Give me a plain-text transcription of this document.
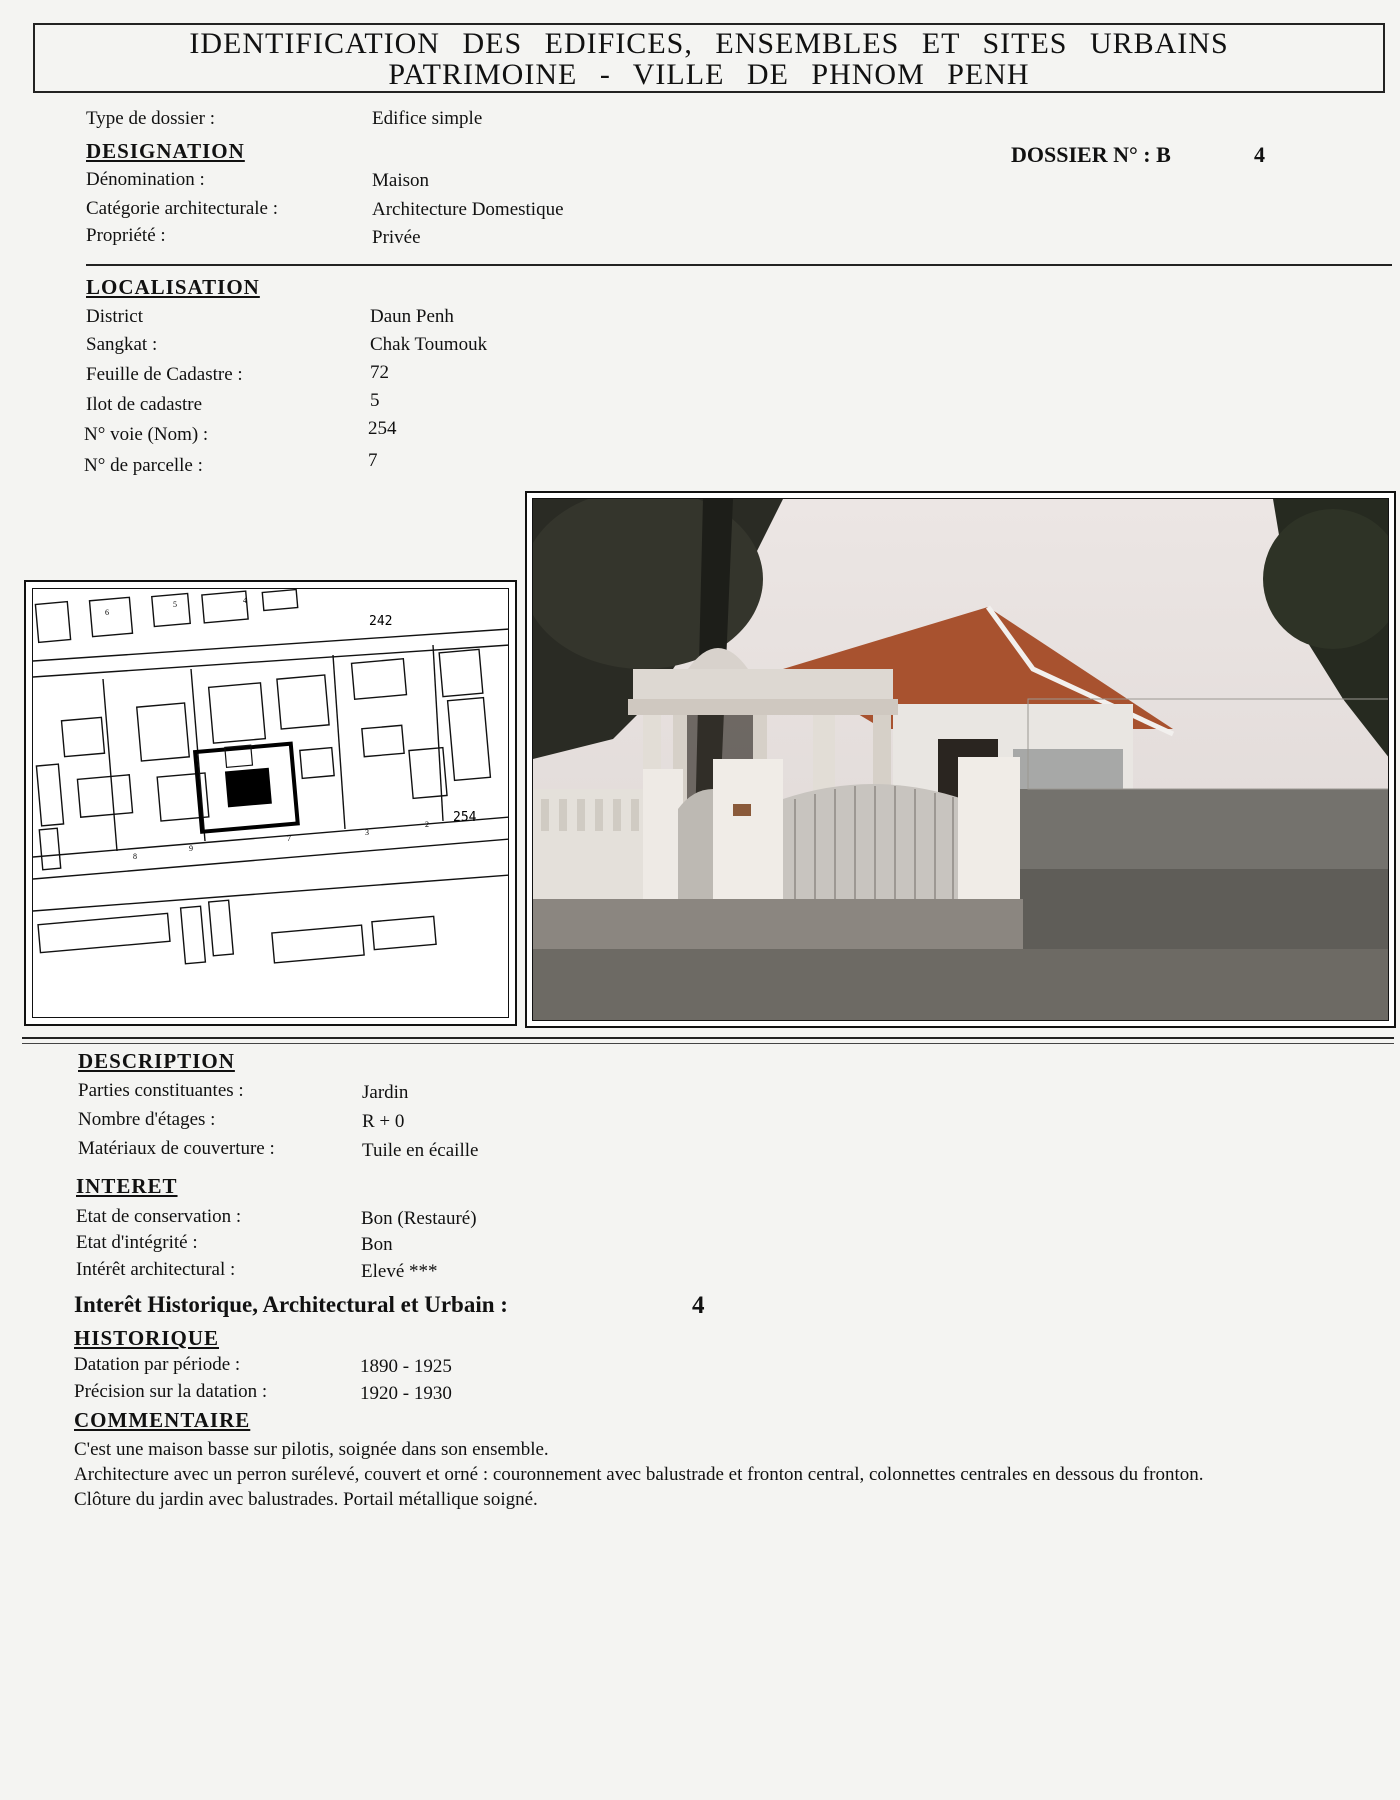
IDENTIFICATION DES EDIFICES, ENSEMBLES ET SITES URBAINS
PATRIMOINE - VILLE DE PHNOM PENH
Type de dossier :	Edifice simple
DOSSIER N° : B	4
DESIGNATION
Dénomination :	Maison
Catégorie architecturale :	Architecture Domestique
Propriété :	Privée
LOCALISATION
District	Daun Penh
Sangkat :	Chak Toumouk
Feuille de Cadastre :	72
Ilot de cadastre	5
N° voie (Nom) :	254
N° de parcelle :	7
242
254
4
5
6
7
9
8
3
2
DESCRIPTION
Parties constituantes :	Jardin
Nombre d'étages :	R + 0
Matériaux de couverture :	Tuile en écaille
INTERET
Etat de conservation :	Bon (Restauré)
Etat d'intégrité :	Bon
Intérêt architectural :	Elevé ***
Interêt Historique, Architectural et Urbain :	4
HISTORIQUE
Datation par période :	1890 - 1925
Précision sur la datation :	1920 - 1930
COMMENTAIRE
C'est une maison basse sur pilotis, soignée dans son ensemble.
Architecture avec un perron surélevé, couvert et orné : couronnement avec balustrade et fronton central, colonnettes centrales en dessous du fronton.
Clôture du jardin avec balustrades. Portail métallique soigné.
